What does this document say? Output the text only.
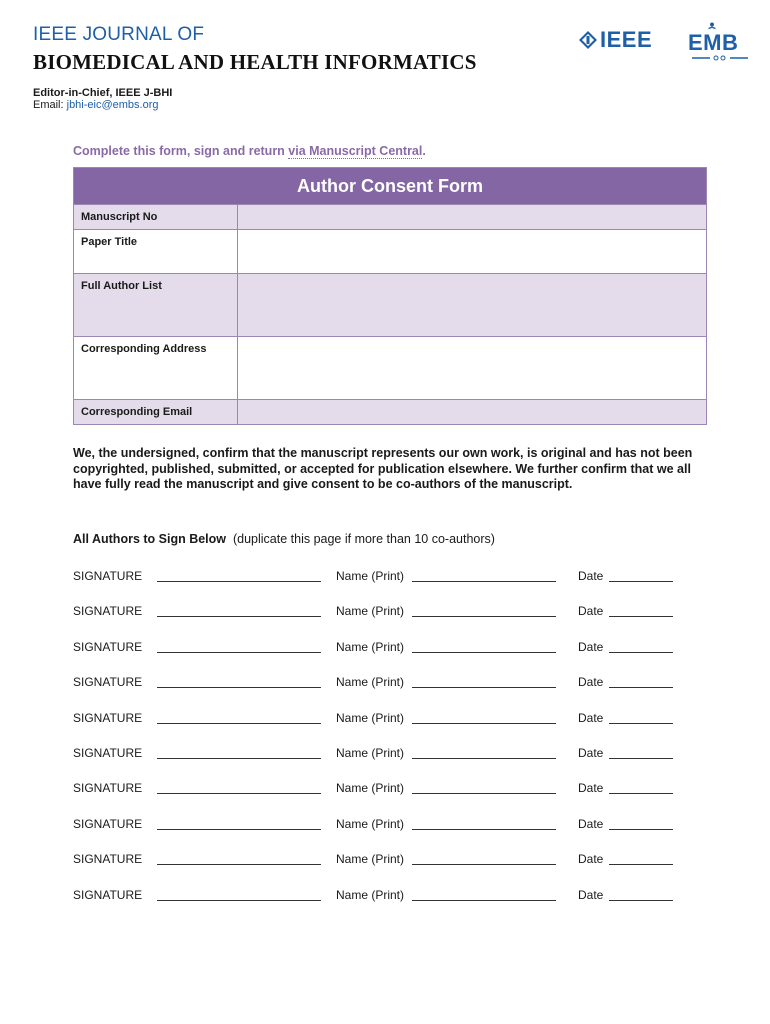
IEEE JOURNAL OF
BIOMEDICAL AND HEALTH INFORMATICS
Editor-in-Chief, IEEE J-BHI
Email: jbhi-eic@embs.org
IEEE EMB
Complete this form, sign and return via Manuscript Central.
Author Consent Form
Manuscript No
Paper Title
Full Author List
Corresponding Address
Corresponding Email
We, the undersigned, confirm that the manuscript represents our own work, is original and has not been copyrighted, published, submitted, or accepted for publication elsewhere. We further confirm that we all have fully read the manuscript and give consent to be co-authors of the manuscript.
All Authors to Sign Below (duplicate this page if more than 10 co-authors)
SIGNATURE	Name (Print)	Date
SIGNATURE	Name (Print)	Date
SIGNATURE	Name (Print)	Date
SIGNATURE	Name (Print)	Date
SIGNATURE	Name (Print)	Date
SIGNATURE	Name (Print)	Date
SIGNATURE	Name (Print)	Date
SIGNATURE	Name (Print)	Date
SIGNATURE	Name (Print)	Date
SIGNATURE	Name (Print)	Date
